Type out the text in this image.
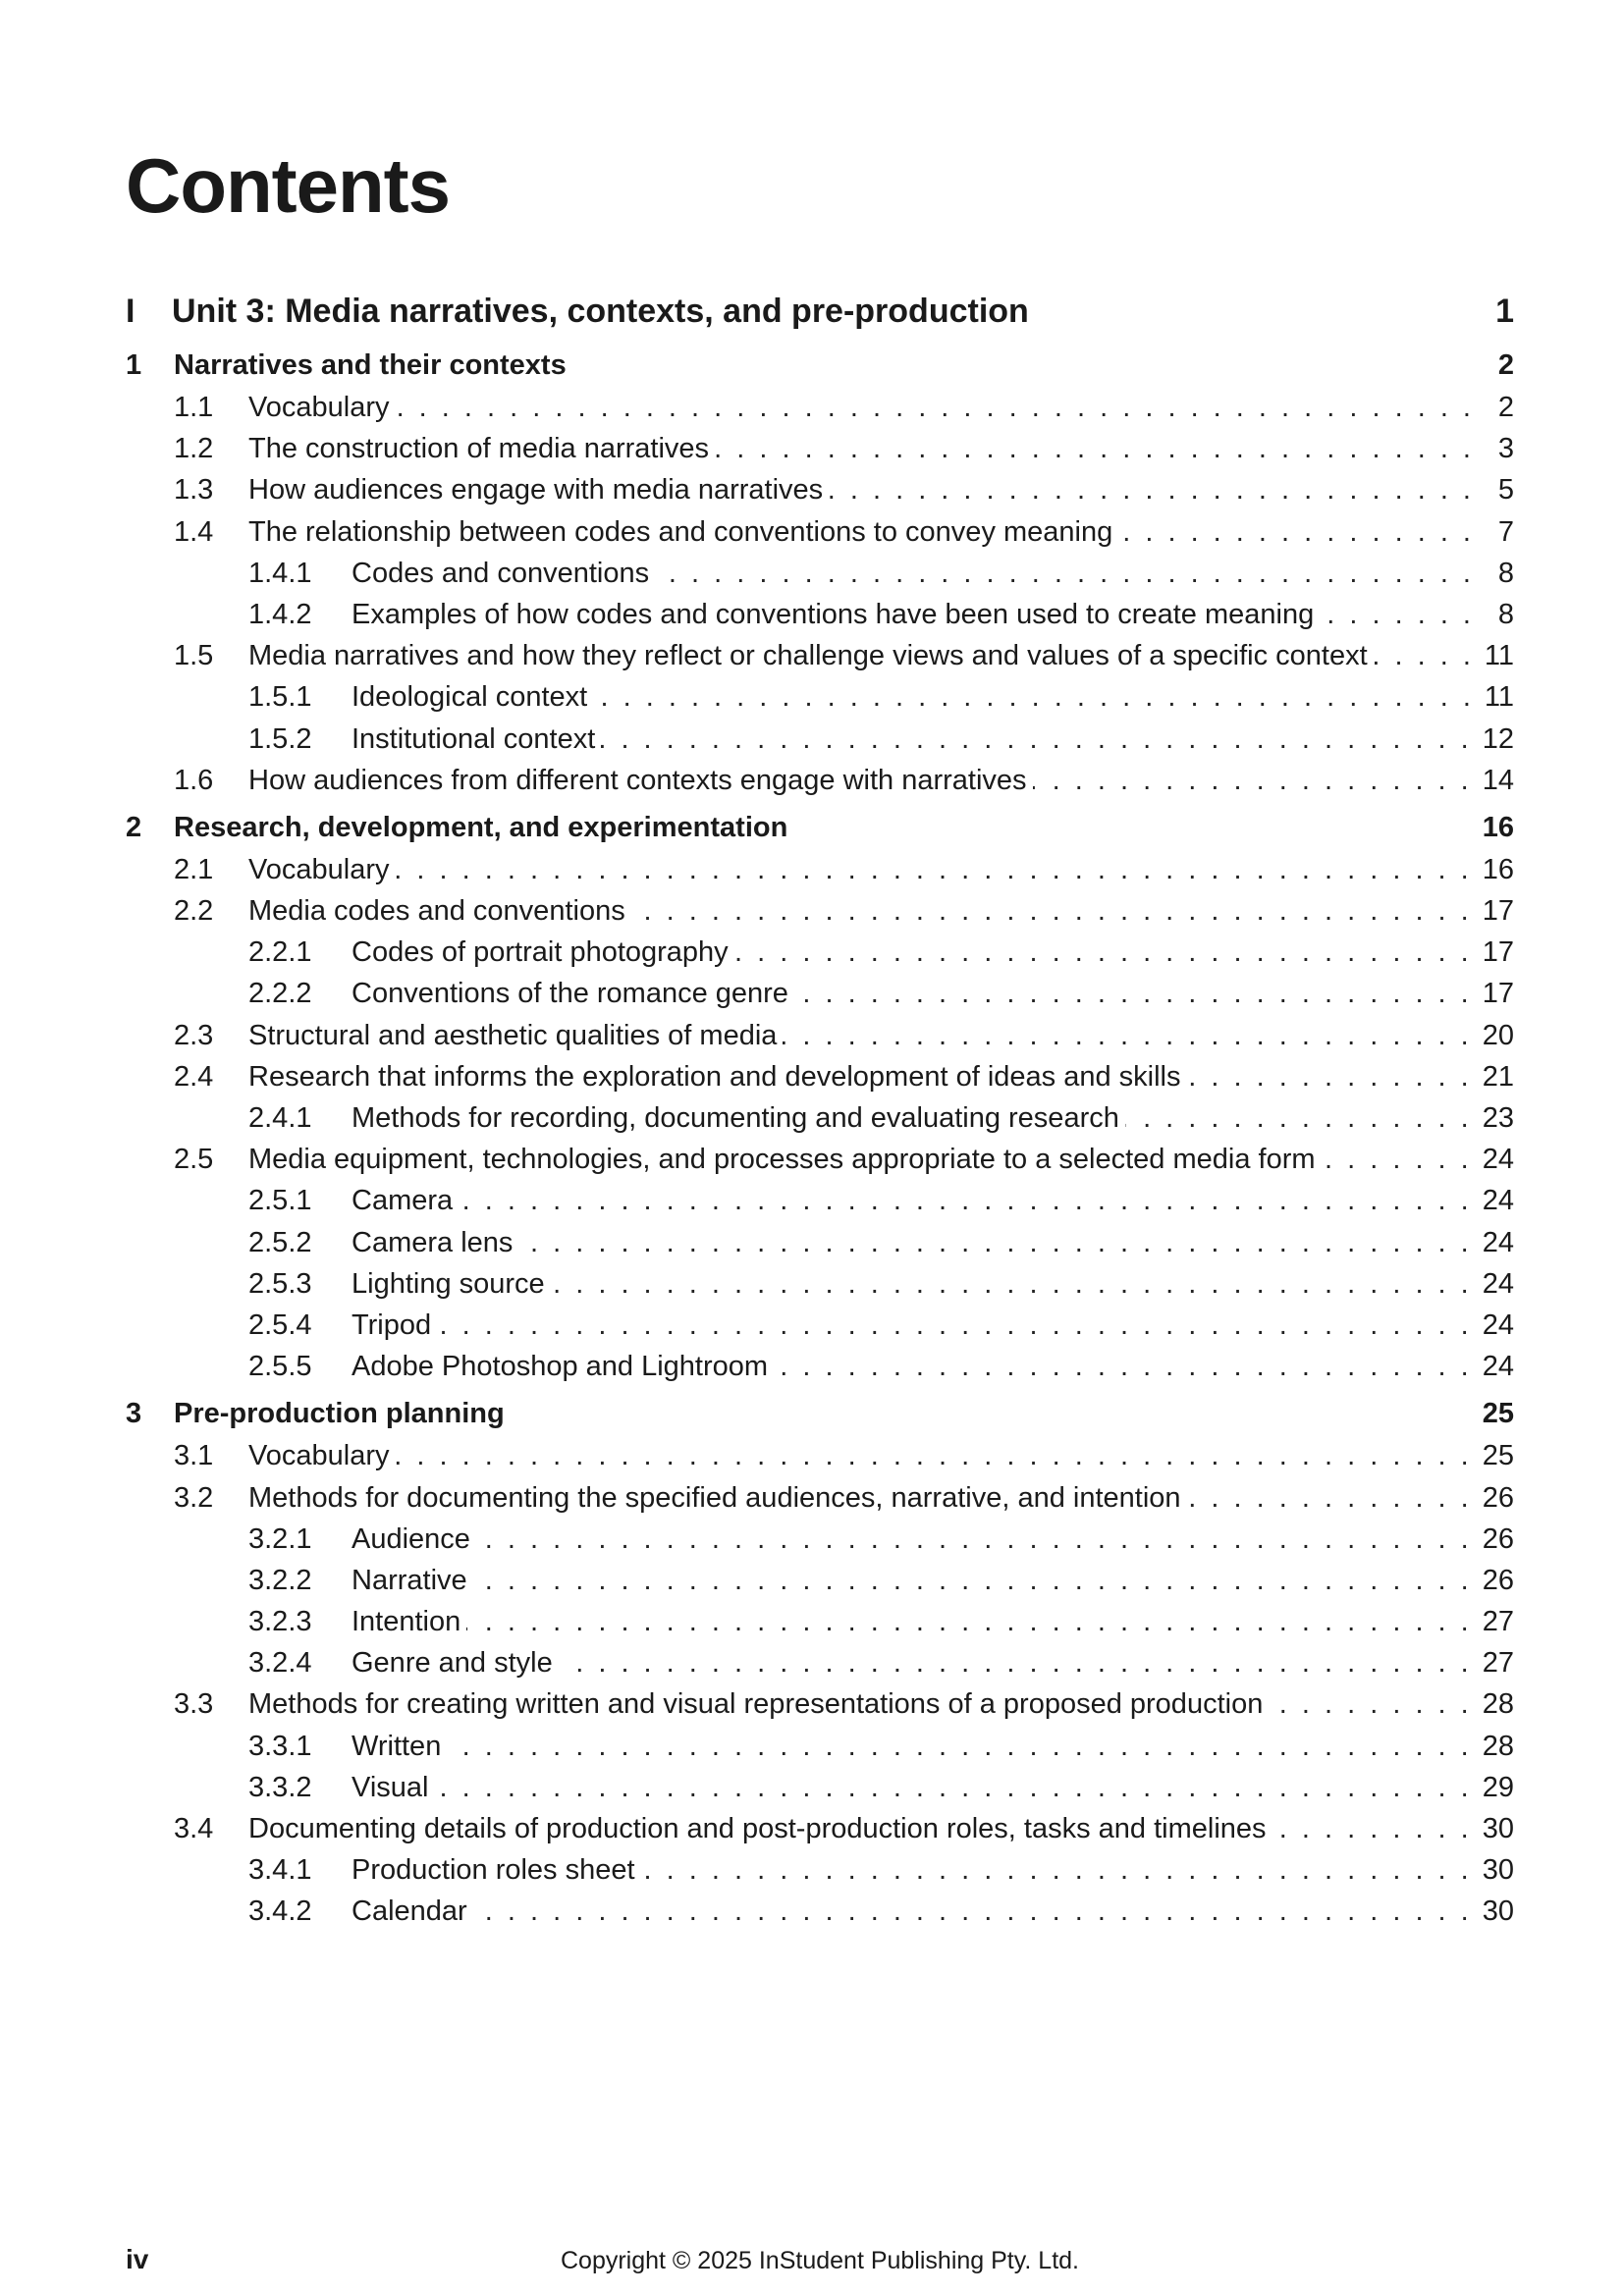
Contents
I	Unit 3: Media narratives, contexts, and pre-production	1
1	Narratives and their contexts	2
1.1	Vocabulary . . .	2
1.2	The construction of media narratives . . .	3
1.3	How audiences engage with media narratives . . .	5
1.4	The relationship between codes and conventions to convey meaning . . .	7
1.4.1	Codes and conventions . . .	8
1.4.2	Examples of how codes and conventions have been used to create meaning . . .	8
1.5	Media narratives and how they reflect or challenge views and values of a specific context . . .	11
1.5.1	Ideological context . . .	11
1.5.2	Institutional context . . .	12
1.6	How audiences from different contexts engage with narratives . . .	14
2	Research, development, and experimentation	16
2.1	Vocabulary . . .	16
2.2	Media codes and conventions . . .	17
2.2.1	Codes of portrait photography . . .	17
2.2.2	Conventions of the romance genre . . .	17
2.3	Structural and aesthetic qualities of media . . .	20
2.4	Research that informs the exploration and development of ideas and skills . . .	21
2.4.1	Methods for recording, documenting and evaluating research . . .	23
2.5	Media equipment, technologies, and processes appropriate to a selected media form . . .	24
2.5.1	Camera . . .	24
2.5.2	Camera lens . . .	24
2.5.3	Lighting source . . .	24
2.5.4	Tripod . . .	24
2.5.5	Adobe Photoshop and Lightroom . . .	24
3	Pre-production planning	25
3.1	Vocabulary . . .	25
3.2	Methods for documenting the specified audiences, narrative, and intention . . .	26
3.2.1	Audience . . .	26
3.2.2	Narrative . . .	26
3.2.3	Intention . . .	27
3.2.4	Genre and style . . .	27
3.3	Methods for creating written and visual representations of a proposed production . . .	28
3.3.1	Written . . .	28
3.3.2	Visual . . .	29
3.4	Documenting details of production and post-production roles, tasks and timelines . . .	30
3.4.1	Production roles sheet . . .	30
3.4.2	Calendar . . .	30
iv	Copyright © 2025 InStudent Publishing Pty. Ltd.
